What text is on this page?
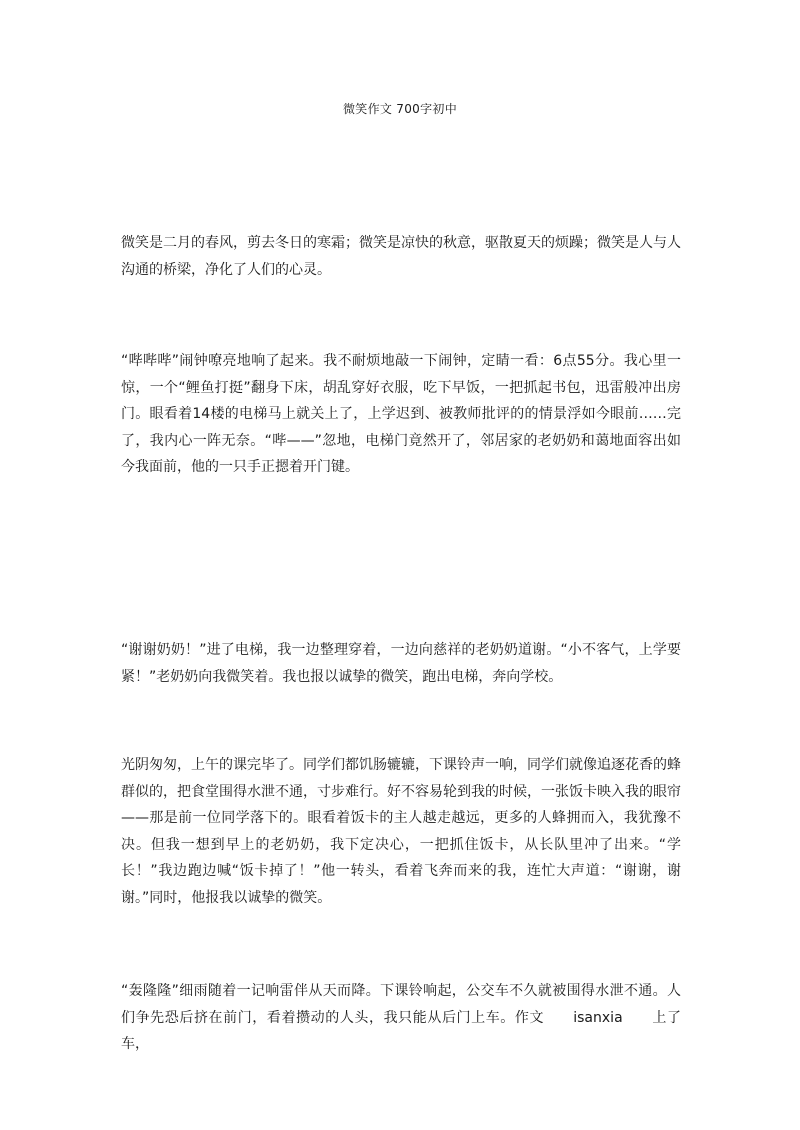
微笑作文 700字初中

微笑是二月的春风，剪去冬日的寒霜；微笑是凉快的秋意，驱散夏天的烦躁；微笑是人与人沟通的桥梁，净化了人们的心灵。

“哔哔哔”闹钟嘹亮地响了起来。我不耐烦地敲一下闹钟，定睛一看：6点55分。我心里一惊，一个“鲤鱼打挺”翻身下床，胡乱穿好衣服，吃下早饭，一把抓起书包，迅雷般冲出房门。眼看着14楼的电梯马上就关上了，上学迟到、被教师批评的的情景浮如今眼前……完了，我内心一阵无奈。“哔——”忽地，电梯门竟然开了，邻居家的老奶奶和蔼地面容出如今我面前，他的一只手正摁着开门键。

“谢谢奶奶！”进了电梯，我一边整理穿着，一边向慈祥的老奶奶道谢。“小不客气，上学要紧！”老奶奶向我微笑着。我也报以诚挚的微笑，跑出电梯，奔向学校。

光阴匆匆，上午的课完毕了。同学们都饥肠辘辘，下课铃声一响，同学们就像追逐花香的蜂群似的，把食堂围得水泄不通，寸步难行。好不容易轮到我的时候，一张饭卡映入我的眼帘——那是前一位同学落下的。眼看着饭卡的主人越走越远，更多的人蜂拥而入，我犹豫不决。但我一想到早上的老奶奶，我下定决心，一把抓住饭卡，从长队里冲了出来。“学长！”我边跑边喊“饭卡掉了！”他一转头，看着飞奔而来的我，连忙大声道：“谢谢，谢谢。”同时，他报我以诚挚的微笑。

“轰隆隆”细雨随着一记响雷伴从天而降。下课铃响起，公交车不久就被围得水泄不通。人们争先恐后挤在前门，看着攒动的人头，我只能从后门上车。作文　　isanxia　　上了车，
